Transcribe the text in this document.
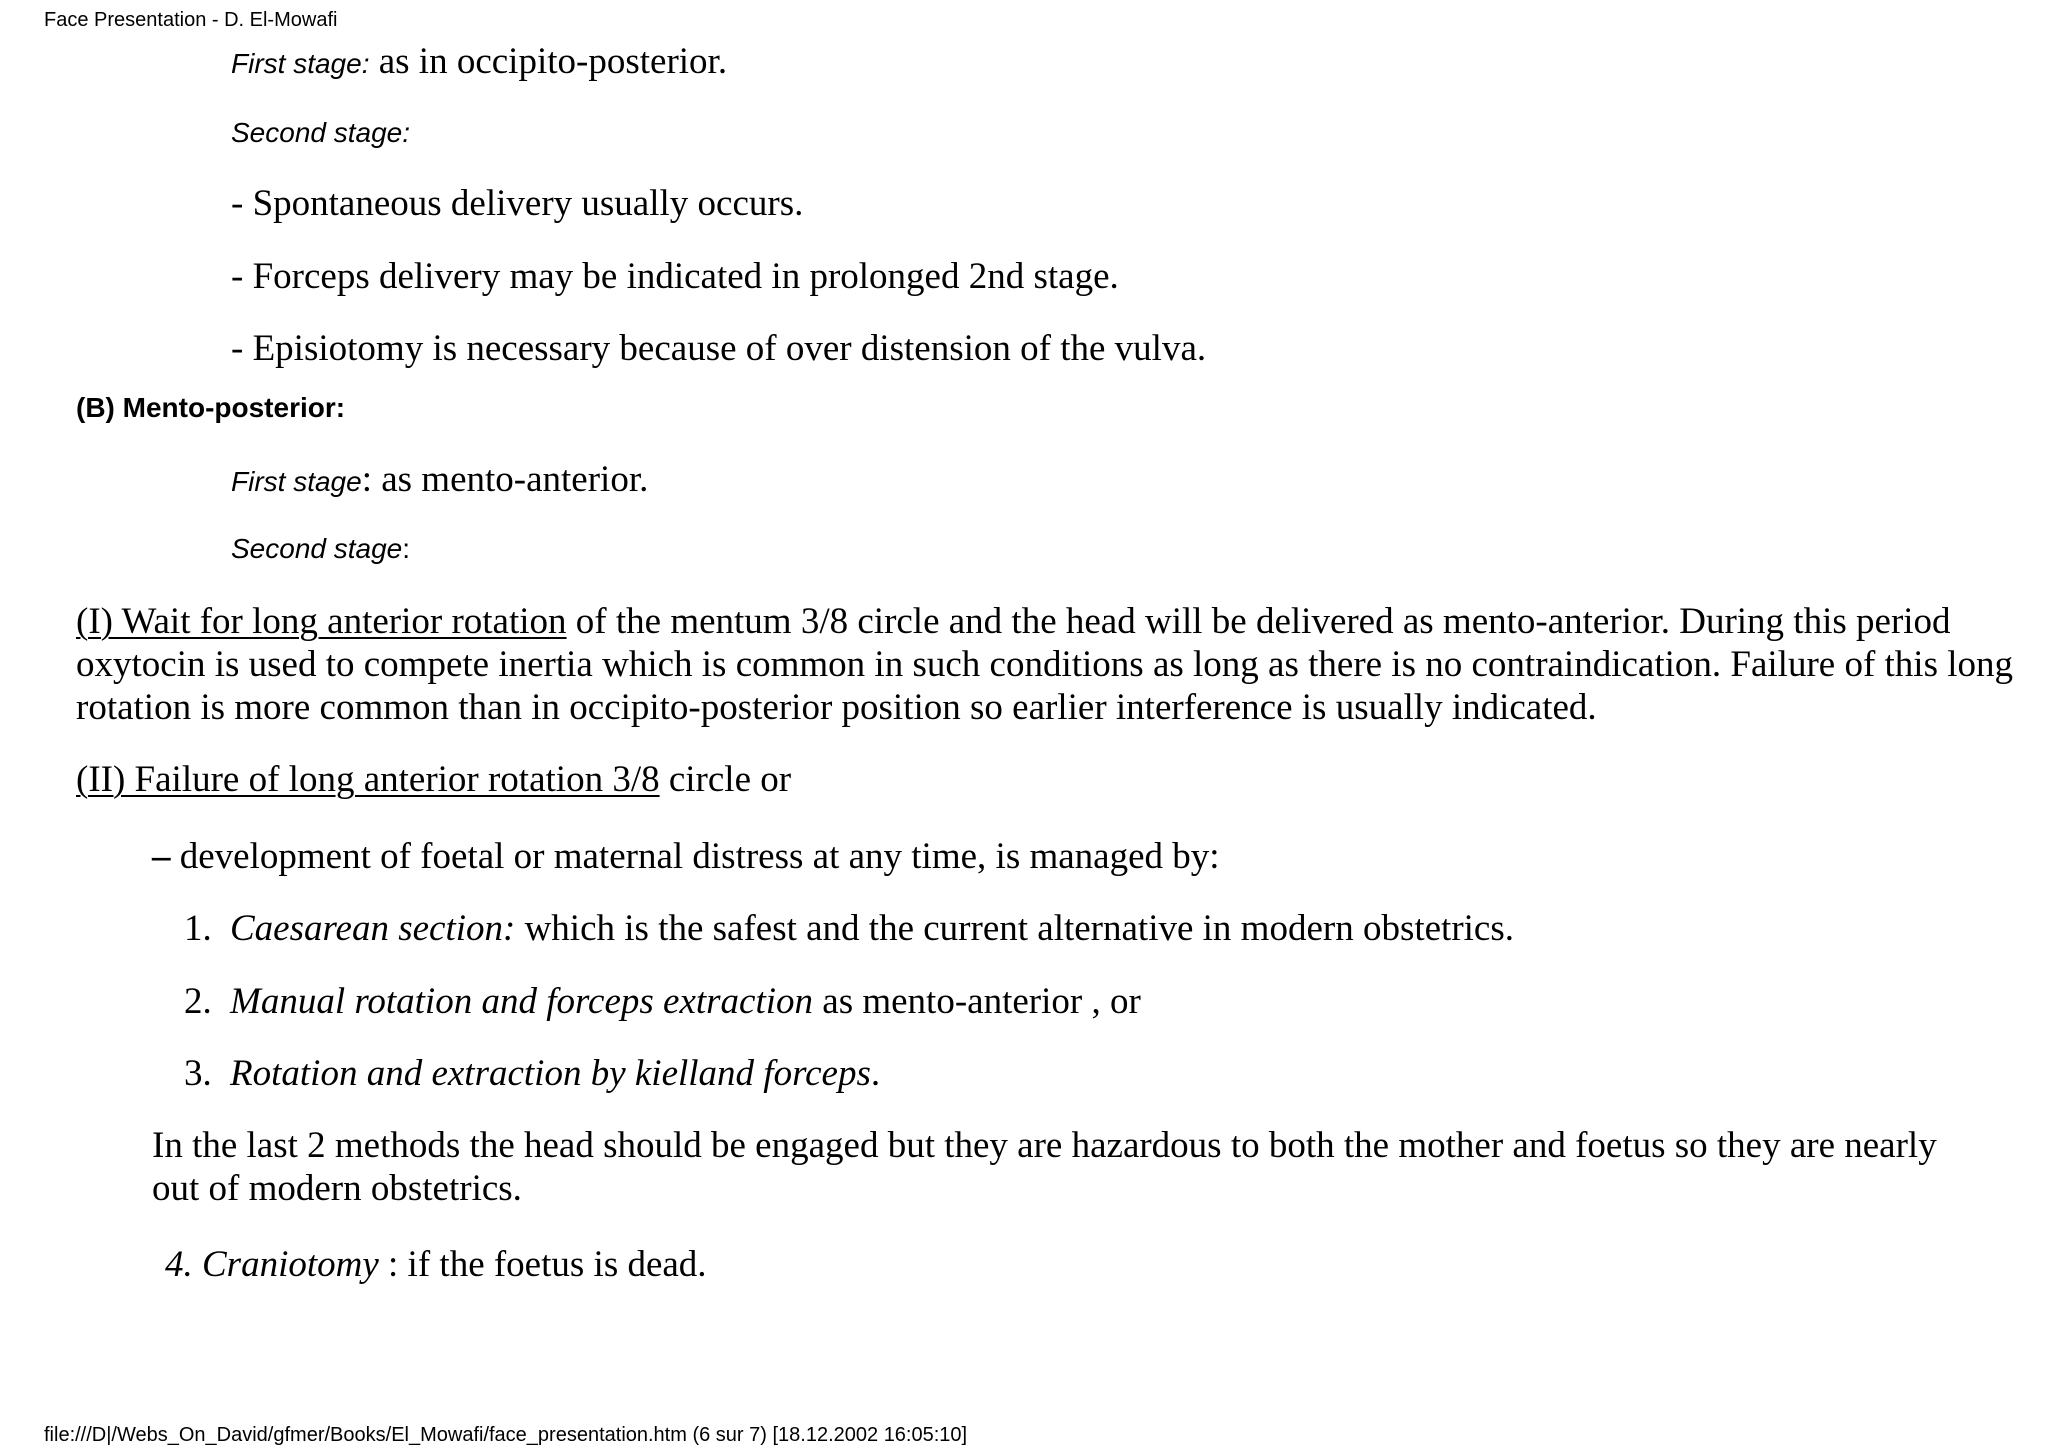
Face Presentation - D. El-Mowafi
First stage: as in occipito-posterior.
Second stage:
- Spontaneous delivery usually occurs.
- Forceps delivery may be indicated in prolonged 2nd stage.
- Episiotomy is necessary because of over distension of the vulva.
(B) Mento-posterior:
First stage: as mento-anterior.
Second stage:
(I) Wait for long anterior rotation of the mentum 3/8 circle and the head will be delivered as mento-anterior. During this period oxytocin is used to compete inertia which is common in such conditions as long as there is no contraindication. Failure of this long rotation is more common than in occipito-posterior position so earlier interference is usually indicated.
(II) Failure of long anterior rotation 3/8 circle or
– development of foetal or maternal distress at any time, is managed by:
1. Caesarean section: which is the safest and the current alternative in modern obstetrics.
2. Manual rotation and forceps extraction as mento-anterior , or
3. Rotation and extraction by kielland forceps.
In the last 2 methods the head should be engaged but they are hazardous to both the mother and foetus so they are nearly out of modern obstetrics.
4. Craniotomy : if the foetus is dead.
file:///D|/Webs_On_David/gfmer/Books/El_Mowafi/face_presentation.htm (6 sur 7) [18.12.2002 16:05:10]
